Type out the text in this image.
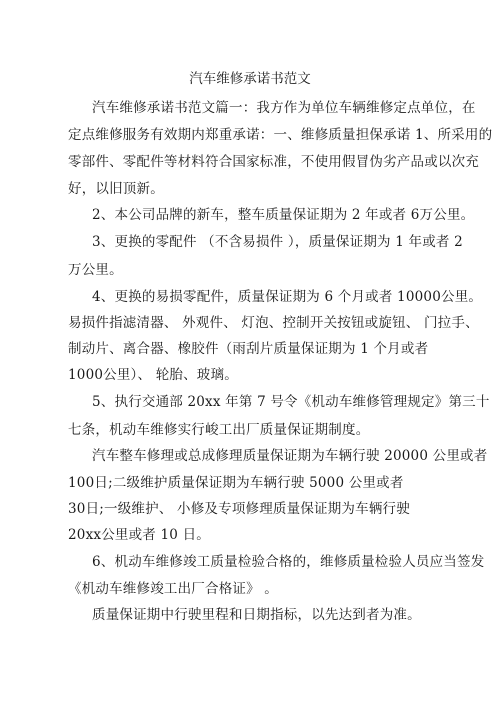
汽车维修承诺书范文
汽车维修承诺书范文篇一：我方作为单位车辆维修定点单位，在
定点维修服务有效期内郑重承诺：一、维修质量担保承诺 1、所采用的
零部件、零配件等材料符合国家标准，不使用假冒伪劣产品或以次充
好，以旧顶新。
2、本公司品牌的新车，整车质量保证期为 2 年或者 6万公里。
3、更换的零配件 （不含易损件 ），质量保证期为 1 年或者 2
万公里。
4、更换的易损零配件，质量保证期为 6 个月或者 10000公里。
易损件指滤清器、 外观件、 灯泡、控制开关按钮或旋钮、 门拉手、
制动片、离合器、橡胶件（雨刮片质量保证期为 1 个月或者
1000公里）、 轮胎、玻璃。
5、执行交通部 20xx 年第 7 号令《机动车维修管理规定》第三十
七条，机动车维修实行峻工出厂质量保证期制度。
汽车整车修理或总成修理质量保证期为车辆行驶 20000 公里或者
100日;二级维护质量保证期为车辆行驶 5000 公里或者
30日;一级维护、 小修及专项修理质量保证期为车辆行驶
20xx公里或者 10 日。
6、机动车维修竣工质量检验合格的，维修质量检验人员应当签发
《机动车维修竣工出厂合格证》 。
质量保证期中行驶里程和日期指标，以先达到者为准。
